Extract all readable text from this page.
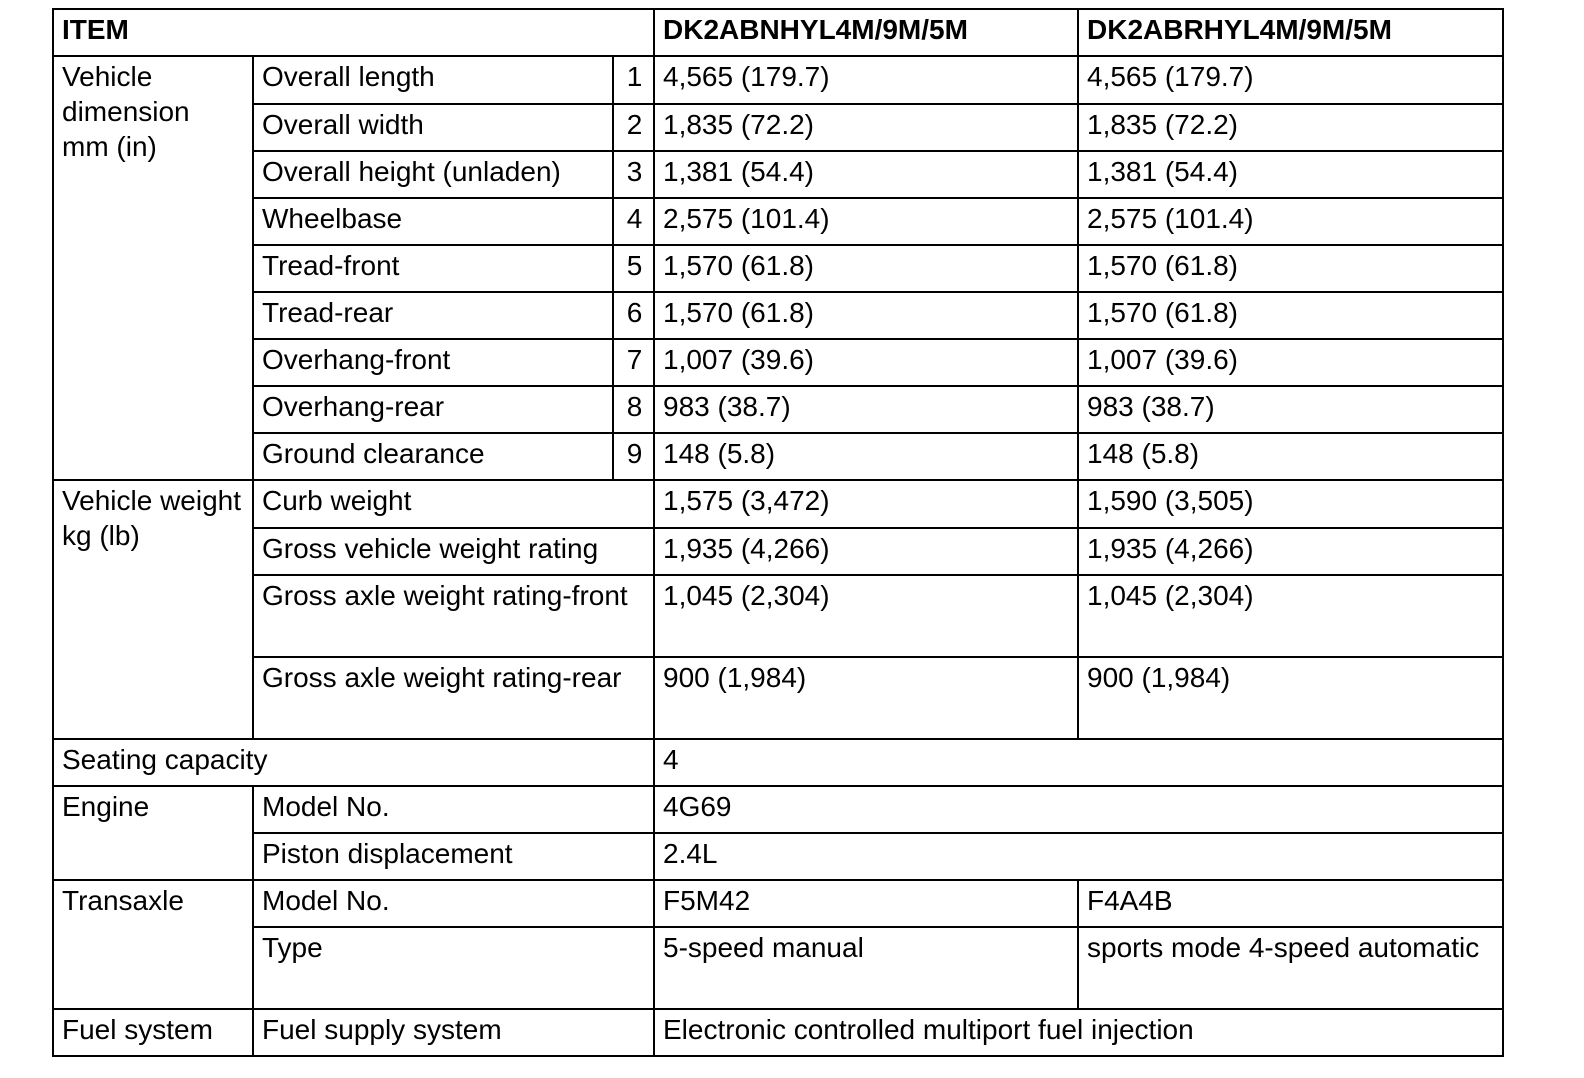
ITEM			DK2ABNHYL4M/9M/5M	DK2ABRHYL4M/9M/5M
Vehicle dimension mm (in)	Overall length	1	4,565 (179.7)	4,565 (179.7)
	Overall width	2	1,835 (72.2)	1,835 (72.2)
	Overall height (unladen)	3	1,381 (54.4)	1,381 (54.4)
	Wheelbase	4	2,575 (101.4)	2,575 (101.4)
	Tread-front	5	1,570 (61.8)	1,570 (61.8)
	Tread-rear	6	1,570 (61.8)	1,570 (61.8)
	Overhang-front	7	1,007 (39.6)	1,007 (39.6)
	Overhang-rear	8	983 (38.7)	983 (38.7)
	Ground clearance	9	148 (5.8)	148 (5.8)
Vehicle weight kg (lb)	Curb weight		1,575 (3,472)	1,590 (3,505)
	Gross vehicle weight rating		1,935 (4,266)	1,935 (4,266)
	Gross axle weight rating-front		1,045 (2,304)	1,045 (2,304)
	Gross axle weight rating-rear		900 (1,984)	900 (1,984)
Seating capacity			4	
Engine	Model No.		4G69	
	Piston displacement		2.4L	
Transaxle	Model No.		F5M42	F4A4B
	Type		5-speed manual	sports mode 4-speed automatic
Fuel system	Fuel supply system		Electronic controlled multiport fuel injection	
